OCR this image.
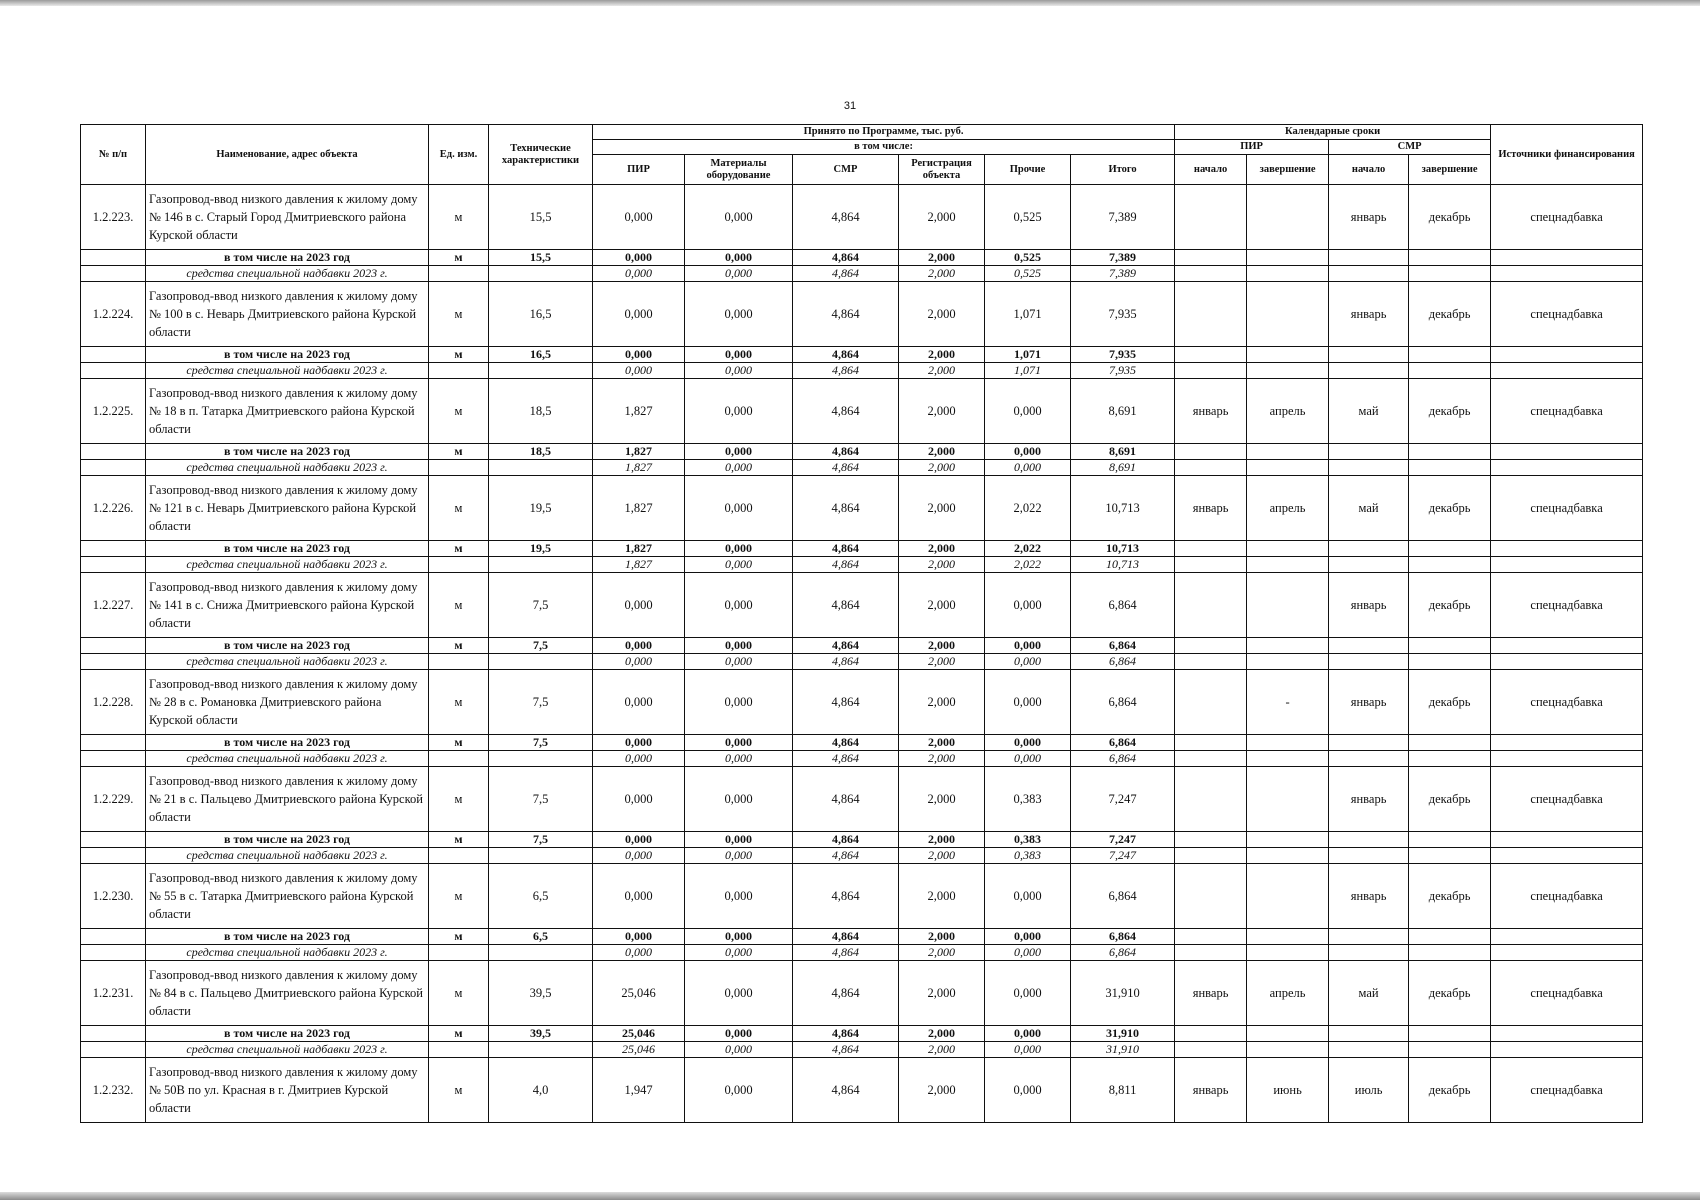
31
№ п/п	Наименование, адрес объекта	Ед. изм.	Технические характеристики	Принято по Программе, тыс. руб.						Календарные сроки				Источники финансирования
				в том числе:						ПИР		СМР		
				ПИР	Материалы оборудование	СМР	Регистрация объекта	Прочие	Итого	начало	завершение	начало	завершение	
1.2.223.	Газопровод-ввод низкого давления к жилому дому № 146 в с. Старый Город Дмитриевского района Курской области	м	15,5	0,000	0,000	4,864	2,000	0,525	7,389			январь	декабрь	спецнадбавка
	в том числе на 2023 год	м	15,5	0,000	0,000	4,864	2,000	0,525	7,389					
	средства специальной надбавки 2023 г.			0,000	0,000	4,864	2,000	0,525	7,389					
1.2.224.	Газопровод-ввод низкого давления к жилому дому № 100 в с. Неварь Дмитриевского района Курской области	м	16,5	0,000	0,000	4,864	2,000	1,071	7,935			январь	декабрь	спецнадбавка
	в том числе на 2023 год	м	16,5	0,000	0,000	4,864	2,000	1,071	7,935					
	средства специальной надбавки 2023 г.			0,000	0,000	4,864	2,000	1,071	7,935					
1.2.225.	Газопровод-ввод низкого давления к жилому дому № 18 в п. Татарка Дмитриевского района Курской области	м	18,5	1,827	0,000	4,864	2,000	0,000	8,691	январь	апрель	май	декабрь	спецнадбавка
	в том числе на 2023 год	м	18,5	1,827	0,000	4,864	2,000	0,000	8,691					
	средства специальной надбавки 2023 г.			1,827	0,000	4,864	2,000	0,000	8,691					
1.2.226.	Газопровод-ввод низкого давления к жилому дому № 121 в с. Неварь Дмитриевского района Курской области	м	19,5	1,827	0,000	4,864	2,000	2,022	10,713	январь	апрель	май	декабрь	спецнадбавка
	в том числе на 2023 год	м	19,5	1,827	0,000	4,864	2,000	2,022	10,713					
	средства специальной надбавки 2023 г.			1,827	0,000	4,864	2,000	2,022	10,713					
1.2.227.	Газопровод-ввод низкого давления к жилому дому № 141 в с. Снижа Дмитриевского района Курской области	м	7,5	0,000	0,000	4,864	2,000	0,000	6,864			январь	декабрь	спецнадбавка
	в том числе на 2023 год	м	7,5	0,000	0,000	4,864	2,000	0,000	6,864					
	средства специальной надбавки 2023 г.			0,000	0,000	4,864	2,000	0,000	6,864					
1.2.228.	Газопровод-ввод низкого давления к жилому дому № 28 в с. Романовка Дмитриевского района Курской области	м	7,5	0,000	0,000	4,864	2,000	0,000	6,864		-	январь	декабрь	спецнадбавка
	в том числе на 2023 год	м	7,5	0,000	0,000	4,864	2,000	0,000	6,864					
	средства специальной надбавки 2023 г.			0,000	0,000	4,864	2,000	0,000	6,864					
1.2.229.	Газопровод-ввод низкого давления к жилому дому № 21 в с. Пальцево Дмитриевского района Курской области	м	7,5	0,000	0,000	4,864	2,000	0,383	7,247			январь	декабрь	спецнадбавка
	в том числе на 2023 год	м	7,5	0,000	0,000	4,864	2,000	0,383	7,247					
	средства специальной надбавки 2023 г.			0,000	0,000	4,864	2,000	0,383	7,247					
1.2.230.	Газопровод-ввод низкого давления к жилому дому № 55 в с. Татарка Дмитриевского района Курской области	м	6,5	0,000	0,000	4,864	2,000	0,000	6,864			январь	декабрь	спецнадбавка
	в том числе на 2023 год	м	6,5	0,000	0,000	4,864	2,000	0,000	6,864					
	средства специальной надбавки 2023 г.			0,000	0,000	4,864	2,000	0,000	6,864					
1.2.231.	Газопровод-ввод низкого давления к жилому дому № 84 в с. Пальцево Дмитриевского района Курской области	м	39,5	25,046	0,000	4,864	2,000	0,000	31,910	январь	апрель	май	декабрь	спецнадбавка
	в том числе на 2023 год	м	39,5	25,046	0,000	4,864	2,000	0,000	31,910					
	средства специальной надбавки 2023 г.			25,046	0,000	4,864	2,000	0,000	31,910					
1.2.232.	Газопровод-ввод низкого давления к жилому дому № 50В по ул. Красная в г. Дмитриев Курской области	м	4,0	1,947	0,000	4,864	2,000	0,000	8,811	январь	июнь	июль	декабрь	спецнадбавка
